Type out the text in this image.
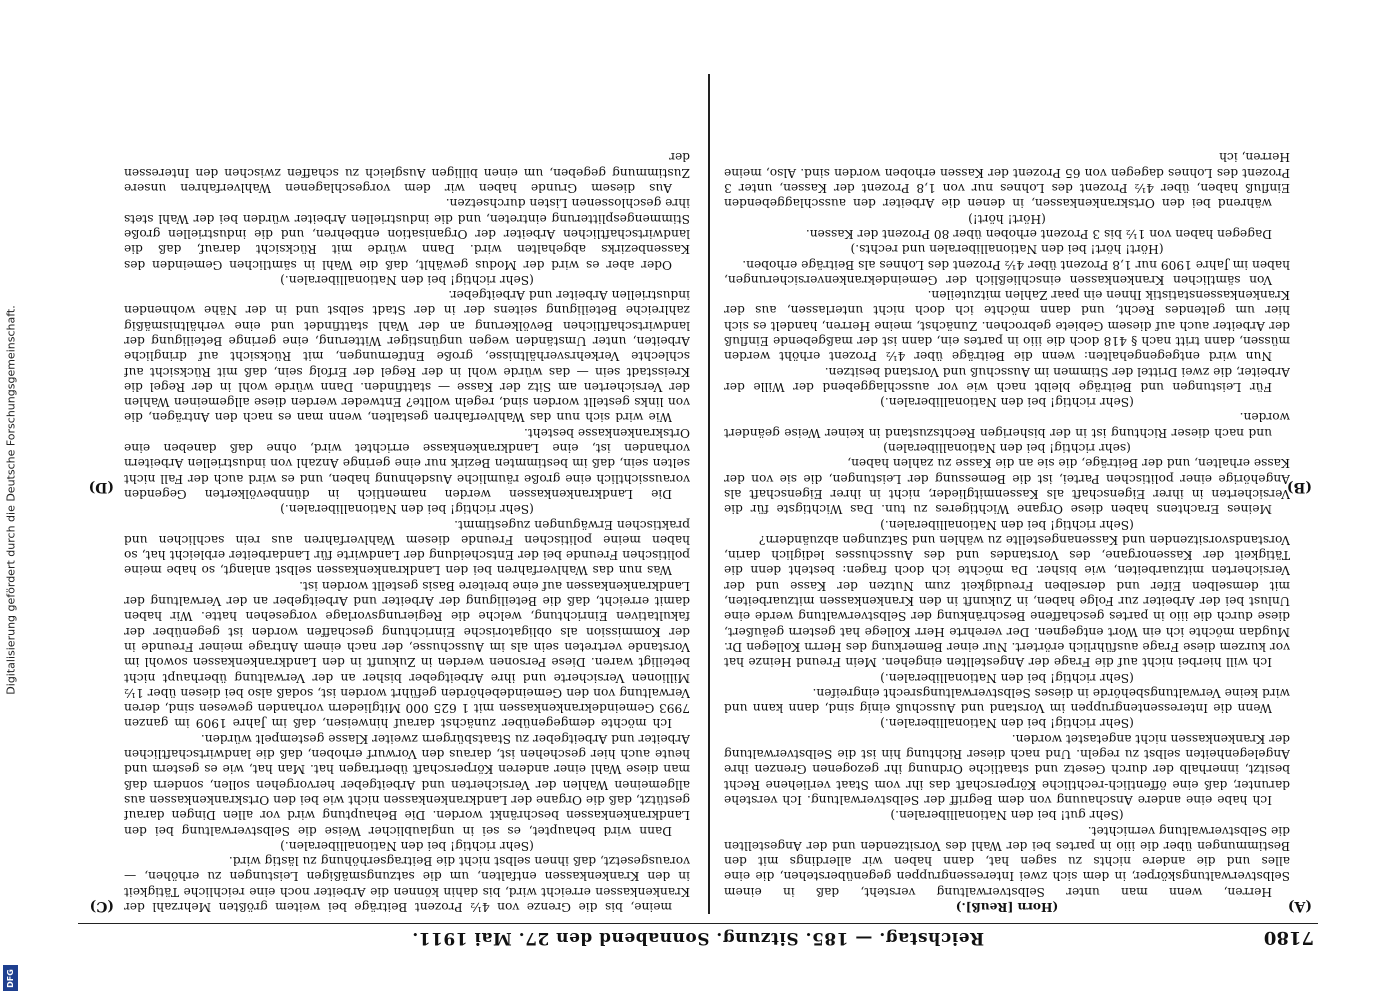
Digitalisierung gefördert durch die Deutsche Forschungsgemeinschaft.
DFG
7180
Reichstag. — 185. Sitzung. Sonnabend den 27. Mai 1911.
(A)
(B)
(C)
(D)

(Horn [Reuß].)

Herren, wenn man unter Selbstverwaltung versteht, daß in einem Selbstverwaltungskörper, in dem sich zwei Interessengruppen gegenüberstehen, die eine alles und die andere nichts zu sagen hat, dann haben wir allerdings mit den Bestimmungen über die iiio in partes bei der Wahl des Vorsitzenden und der Angestellten die Selbstverwaltung vernichtet.

(Sehr gut! bei den Nationalliberalen.)

Ich habe eine andere Anschauung von dem Begriff der Selbstverwaltung. Ich verstehe darunter, daß eine öffentlich-rechtliche Körperschaft das ihr vom Staat verliehene Recht besitzt, innerhalb der durch Gesetz und staatliche Ordnung ihr gezogenen Grenzen ihre Angelegenheiten selbst zu regeln. Und nach dieser Richtung hin ist die Selbstverwaltung der Krankenkassen nicht angetastet worden.

(Sehr richtig! bei den Nationalliberalen.)

Wenn die Interessentengruppen im Vorstand und Ausschuß einig sind, dann kann und wird keine Verwaltungsbehörde in dieses Selbstverwaltungsrecht eingreifen.

(Sehr richtig! bei den Nationalliberalen.)

Ich will hierbei nicht auf die Frage der Angestellten eingehen. Mein Freund Heinze hat vor kurzem diese Frage ausführlich erörtert. Nur einer Bemerkung des Herrn Kollegen Dr. Mugdan möchte ich ein Wort entgegnen. Der verehrte Herr Kollege hat gestern geäußert, diese durch die iiio in partes geschaffene Beschränkung der Selbstverwaltung werde eine Unlust bei der Arbeiter zur Folge haben, in Zukunft in den Krankenkassen mitzuarbeiten, mit demselben Eifer und derselben Freudigkeit zum Nutzen der Kasse und der Versicherten mitzuarbeiten, wie bisher. Da möchte ich doch fragen: besteht denn die Tätigkeit der Kassenorgane, des Vorstandes und des Ausschusses lediglich darin, Vorstandsvorsitzenden und Kassenangestellte zu wählen und Satzungen abzuändern?

(Sehr richtig! bei den Nationalliberalen.)

Meines Erachtens haben diese Organe Wichtigeres zu tun. Das Wichtigste für die Versicherten in ihrer Eigenschaft als Kassenmitglieder, nicht in ihrer Eigenschaft als Angehörige einer politischen Partei, ist die Bemessung der Leistungen, die sie von der Kasse erhalten, und der Beiträge, die sie an die Kasse zu zahlen haben,

(sehr richtig! bei den Nationalliberalen)

und nach dieser Richtung ist in der bisherigen Rechtszustand in keiner Weise geändert worden.

(Sehr richtig! bei den Nationalliberalen.)

Für Leistungen und Beiträge bleibt nach wie vor ausschlaggebend der Wille der Arbeiter, die zwei Drittel der Stimmen im Ausschuß und Vorstand besitzen.

Nun wird entgegengehalten: wenn die Beiträge über 4½ Prozent erhöht werden müssen, dann tritt nach § 418 doch die iiio in partes ein, dann ist der maßgebende Einfluß der Arbeiter auch auf diesem Gebiete gebrochen. Zunächst, meine Herren, handelt es sich hier um geltendes Recht, und dann möchte ich doch nicht unterlassen, aus der Krankenkassenstatistik Ihnen ein paar Zahlen mitzuteilen.

Von sämtlichen Krankenkassen einschließlich der Gemeindekrankenversicherungen, haben im Jahre 1909 nur 1,8 Prozent über 4½ Prozent des Lohnes als Beiträge erhoben.

(Hört! hört! bei den Nationalliberalen und rechts.)

Dagegen haben von 1½ bis 3 Prozent erhoben über 80 Prozent der Kassen.

(Hört! hört!)

während bei den Ortskrankenkassen, in denen die Arbeiter den ausschlaggebenden Einfluß haben, über 4½ Prozent des Lohnes nur von 1,8 Prozent der Kassen, unter 3 Prozent des Lohnes dagegen von 65 Prozent der Kassen erhoben worden sind. Also, meine Herren, ich

meine, bis die Grenze von 4½ Prozent Beiträge bei weitem größten Mehrzahl der Krankenkassen erreicht wird, bis dahin können die Arbeiter noch eine reichliche Tätigkeit in den Krankenkassen entfalten, um die satzungsmäßigen Leistungen zu erhöhen, — vorausgesetzt, daß ihnen selbst nicht die Beitragserhöhung zu lästig wird.

(Sehr richtig! bei den Nationalliberalen.)

Dann wird behauptet, es sei in unglaublicher Weise die Selbstverwaltung bei den Landkrankenkassen beschränkt worden. Die Behauptung wird vor allen Dingen darauf gestützt, daß die Organe der Landkrankenkassen nicht wie bei den Ortskrankenkassen aus allgemeinen Wahlen der Versicherten und Arbeitgeber hervorgehen sollen, sondern daß man diese Wahl einer anderen Körperschaft übertragen hat. Man hat, wie es gestern und heute auch hier geschehen ist, daraus den Vorwurf erhoben, daß die landwirtschaftlichen Arbeiter und Arbeitgeber zu Staatsbürgern zweiter Klasse gestempelt würden.

Ich möchte demgegenüber zunächst darauf hinweisen, daß im Jahre 1909 im ganzen 7993 Gemeindekrankenkassen mit 1 625 000 Mitgliedern vorhanden gewesen sind, deren Verwaltung von den Gemeindebehörden geführt worden ist, sodaß also bei diesen über 1½ Millionen Versicherte und ihre Arbeitgeber bisher an der Verwaltung überhaupt nicht beteiligt waren. Diese Personen werden in Zukunft in den Landkrankenkassen sowohl im Vorstande vertreten sein als im Ausschusse, der nach einem Antrage meiner Freunde in der Kommission als obligatorische Einrichtung geschaffen worden ist gegenüber der fakultativen Einrichtung, welche die Regierungsvorlage vorgesehen hatte. Wir haben damit erreicht, daß die Beteiligung der Arbeiter und Arbeitgeber an der Verwaltung der Landkrankenkassen auf eine breitere Basis gestellt worden ist.

Was nun das Wahlverfahren bei den Landkrankenkassen selbst anlangt, so habe meine politischen Freunde bei der Entscheidung der Landwirte für Landarbeiter erbleicht hat, so haben meine politischen Freunde diesem Wahlverfahren aus rein sachlichen und praktischen Erwägungen zugestimmt.

(Sehr richtig! bei den Nationalliberalen.)

Die Landkrankenkassen werden namentlich in dünnbevölkerten Gegenden voraussichtlich eine große räumliche Ausdehnung haben, und es wird auch der Fall nicht selten sein, daß im bestimmten Bezirk nur eine geringe Anzahl von industriellen Arbeitern vorhanden ist, eine Landkrankenkasse errichtet wird, ohne daß daneben eine Ortskrankenkasse besteht.

Wie wird sich nun das Wahlverfahren gestalten, wenn man es nach den Anträgen, die von links gestellt worden sind, regeln wollte? Entweder werden diese allgemeinen Wahlen der Versicherten am Sitz der Kasse — stattfinden. Dann würde wohl in der Regel die Kreisstadt sein — das würde wohl in der Regel der Erfolg sein, daß mit Rücksicht auf schlechte Verkehrsverhältnisse, große Entfernungen, mit Rücksicht auf dringliche Arbeiten, unter Umständen wegen ungünstiger Witterung, eine geringe Beteiligung der landwirtschaftlichen Bevölkerung an der Wahl stattfindet und eine verhältnismäßig zahlreiche Beteiligung seitens der in der Stadt selbst und in der Nähe wohnenden industriellen Arbeiter und Arbeitgeber.

(Sehr richtig! bei den Nationalliberalen.)

Oder aber es wird der Modus gewählt, daß die Wahl in sämtlichen Gemeinden des Kassenbezirks abgehalten wird. Dann würde mit Rücksicht darauf, daß die landwirtschaftlichen Arbeiter der Organisation entbehren, und die industriellen große Stimmengesplitterung eintreten, und die industriellen Arbeiter würden bei der Wahl stets ihre geschlossenen Listen durchsetzen.

Aus diesem Grunde haben wir dem vorgeschlagenen Wahlverfahren unsere Zustimmung gegeben, um einen billigen Ausgleich zu schaffen zwischen den Interessen der
